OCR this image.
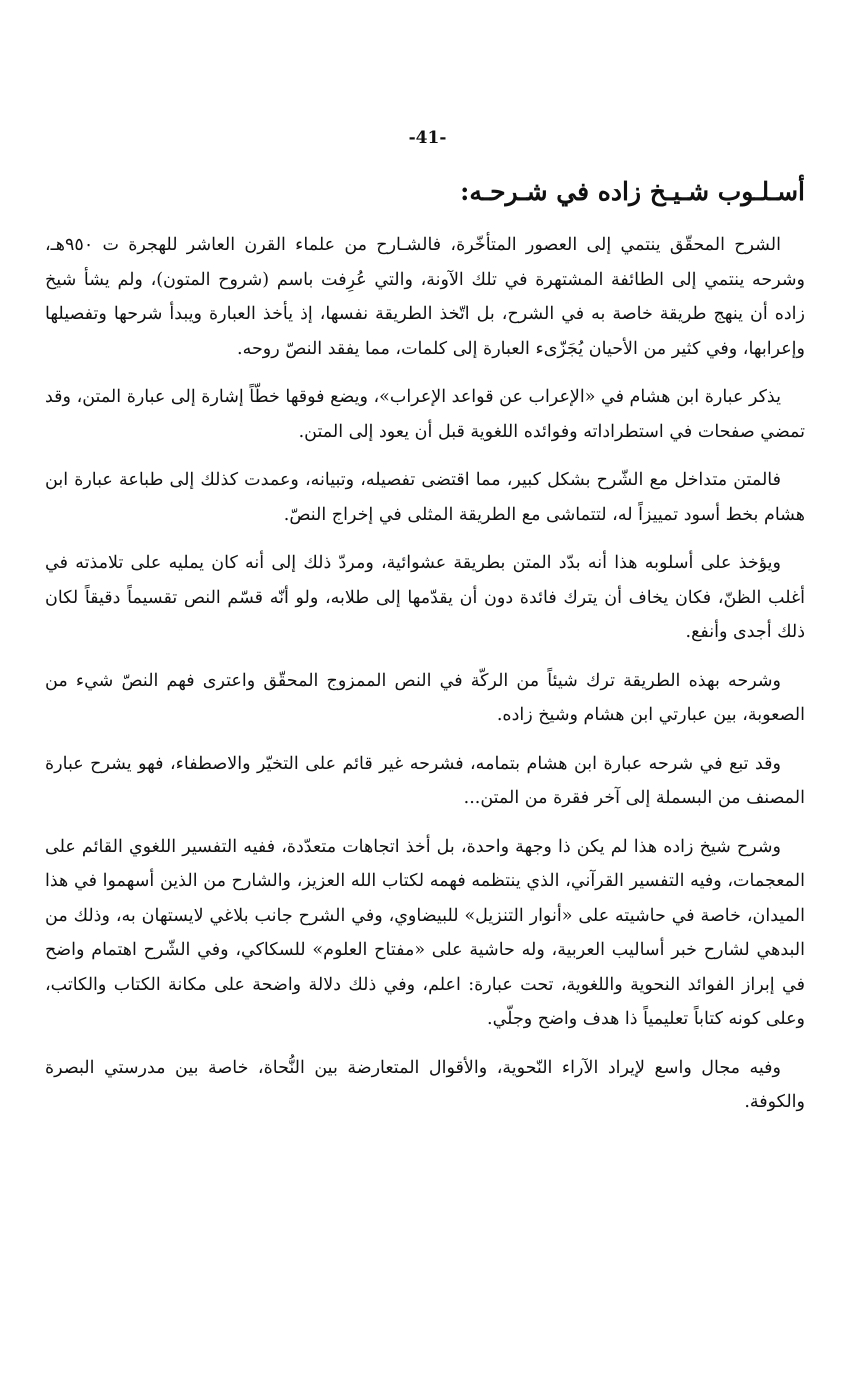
-41-
أسـلـوب شـيـخ زاده في شـرحـه:

الشرح المحقّق ينتمي إلى العصور المتأخّرة، فالشـارح من علماء القرن العاشر للهجرة ت ٩٥٠هـ، وشرحه ينتمي إلى الطائفة المشتهرة في تلك الآونة، والتي عُرِفت باسم (شروح المتون)، ولم يشأ شيخ زاده أن ينهج طريقة خاصة به في الشرح، بل اتّخذ الطريقة نفسها، إذ يأخذ العبارة ويبدأ شرحها وتفصيلها وإعرابها، وفي كثير من الأحيان يُجَزّىء العبارة إلى كلمات، مما يفقد النصّ روحه.

يذكر عبارة ابن هشام في «الإعراب عن قواعد الإعراب»، ويضع فوقها خطّاً إشارة إلى عبارة المتن، وقد تمضي صفحات في استطراداته وفوائده اللغوية قبل أن يعود إلى المتن.

فالمتن متداخل مع الشّرح بشكل كبير، مما اقتضى تفصيله، وتبيانه، وعمدت كذلك إلى طباعة عبارة ابن هشام بخط أسود تمييزاً له، لتتماشى مع الطريقة المثلى في إخراج النصّ.

ويؤخذ على أسلوبه هذا أنه بدّد المتن بطريقة عشوائية، ومردّ ذلك إلى أنه كان يمليه على تلامذته في أغلب الظنّ، فكان يخاف أن يترك فائدة دون أن يقدّمها إلى طلابه، ولو أنّه قسّم النص تقسيماً دقيقاً لكان ذلك أجدى وأنفع.

وشرحه بهذه الطريقة ترك شيئاً من الركّة في النص الممزوج المحقّق واعترى فهم النصّ شيء من الصعوبة، بين عبارتي ابن هشام وشيخ زاده.

وقد تبع في شرحه عبارة ابن هشام بتمامه، فشرحه غير قائم على التخيّر والاصطفاء، فهو يشرح عبارة المصنف من البسملة إلى آخر فقرة من المتن...

وشرح شيخ زاده هذا لم يكن ذا وجهة واحدة، بل أخذ اتجاهات متعدّدة، ففيه التفسير اللغوي القائم على المعجمات، وفيه التفسير القرآني، الذي ينتظمه فهمه لكتاب الله العزيز، والشارح من الذين أسهموا في هذا الميدان، خاصة في حاشيته على «أنوار التنزيل» للبيضاوي، وفي الشرح جانب بلاغي لايستهان به، وذلك من البدهي لشارح خبر أساليب العربية، وله حاشية على «مفتاح العلوم» للسكاكي، وفي الشّرح اهتمام واضح في إبراز الفوائد النحوية واللغوية، تحت عبارة: اعلم، وفي ذلك دلالة واضحة على مكانة الكتاب والكاتب، وعلى كونه كتاباً تعليمياً ذا هدف واضح وجلّي.

وفيه مجال واسع لإيراد الآراء النّحوية، والأقوال المتعارضة بين النُّحاة، خاصة بين مدرستي البصرة والكوفة.
